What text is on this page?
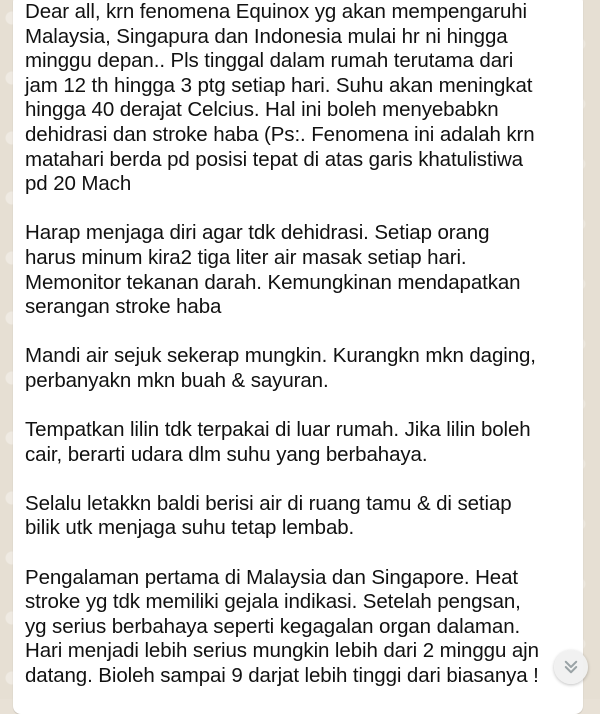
Dear all, krn fenomena Equinox yg akan mempengaruhi
Malaysia, Singapura dan Indonesia mulai hr ni hingga
minggu depan.. Pls tinggal dalam rumah terutama dari
jam 12 th hingga 3 ptg setiap hari. Suhu akan meningkat
hingga 40 derajat Celcius. Hal ini boleh menyebabkn
dehidrasi dan stroke haba (Ps:. Fenomena ini adalah krn
matahari berda pd posisi tepat di atas garis khatulistiwa
pd 20 Mach

Harap menjaga diri agar tdk dehidrasi. Setiap orang
harus minum kira2 tiga liter air masak setiap hari.
Memonitor tekanan darah. Kemungkinan mendapatkan
serangan stroke haba

Mandi air sejuk sekerap mungkin. Kurangkn mkn daging,
perbanyakn mkn buah & sayuran.

Tempatkan lilin tdk terpakai di luar rumah. Jika lilin boleh
cair, berarti udara dlm suhu yang berbahaya.

Selalu letakkn baldi berisi air di ruang tamu & di setiap
bilik utk menjaga suhu tetap lembab.

Pengalaman pertama di Malaysia dan Singapore. Heat
stroke yg tdk memiliki gejala indikasi. Setelah pengsan,
yg serius berbahaya seperti kegagalan organ dalaman.
Hari menjadi lebih serius mungkin lebih dari 2 minggu ajn
datang. Bioleh sampai 9 darjat lebih tinggi dari biasanya !
